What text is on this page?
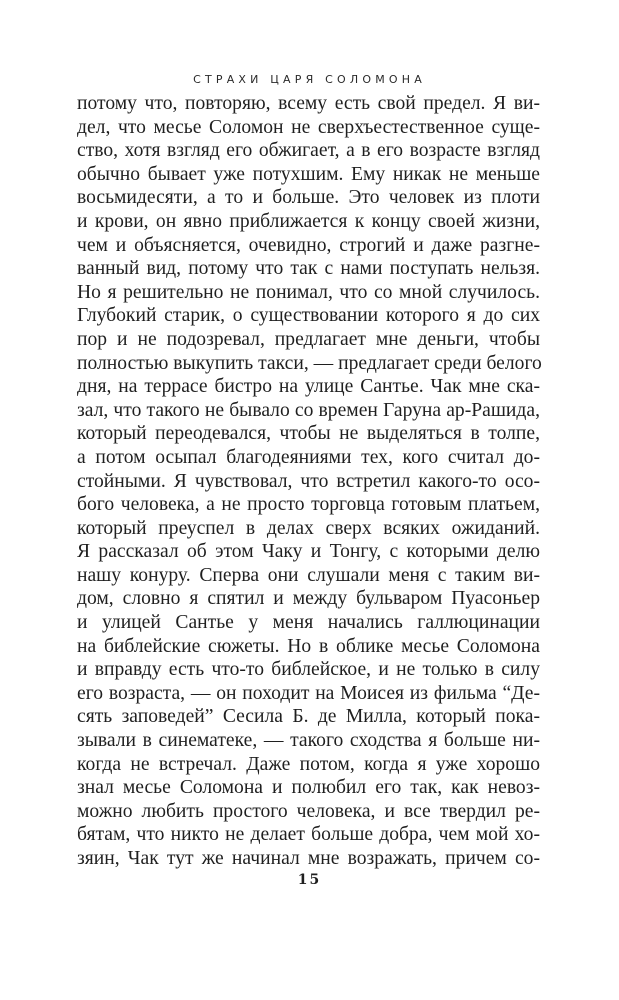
СТРАХИ ЦАРЯ СОЛОМОНА
потому что, повторяю, всему есть свой предел. Я ви-
дел, что месье Соломон не сверхъестественное суще-
ство, хотя взгляд его обжигает, а в его возрасте взгляд
обычно бывает уже потухшим. Ему никак не меньше
восьмидесяти, а то и больше. Это человек из плоти
и крови, он явно приближается к концу своей жизни,
чем и объясняется, очевидно, строгий и даже разгне-
ванный вид, потому что так с нами поступать нельзя.
Но я решительно не понимал, что со мной случилось.
Глубокий старик, о существовании которого я до сих
пор и не подозревал, предлагает мне деньги, чтобы
полностью выкупить такси, — предлагает среди белого
дня, на террасе бистро на улице Сантье. Чак мне ска-
зал, что такого не бывало со времен Гаруна ар-Рашида,
который переодевался, чтобы не выделяться в толпе,
а потом осыпал благодеяниями тех, кого считал до-
стойными. Я чувствовал, что встретил какого-то осо-
бого человека, а не просто торговца готовым платьем,
который преуспел в делах сверх всяких ожиданий.
Я рассказал об этом Чаку и Тонгу, с которыми делю
нашу конуру. Сперва они слушали меня с таким ви-
дом, словно я спятил и между бульваром Пуасоньер
и улицей Сантье у меня начались галлюцинации
на библейские сюжеты. Но в облике месье Соломона
и вправду есть что-то библейское, и не только в силу
его возраста, — он походит на Моисея из фильма “Де-
сять заповедей” Сесила Б. де Милла, который пока-
зывали в синематеке, — такого сходства я больше ни-
когда не встречал. Даже потом, когда я уже хорошо
знал месье Соломона и полюбил его так, как невоз-
можно любить простого человека, и все твердил ре-
бятам, что никто не делает больше добра, чем мой хо-
зяин, Чак тут же начинал мне возражать, причем со-
15
